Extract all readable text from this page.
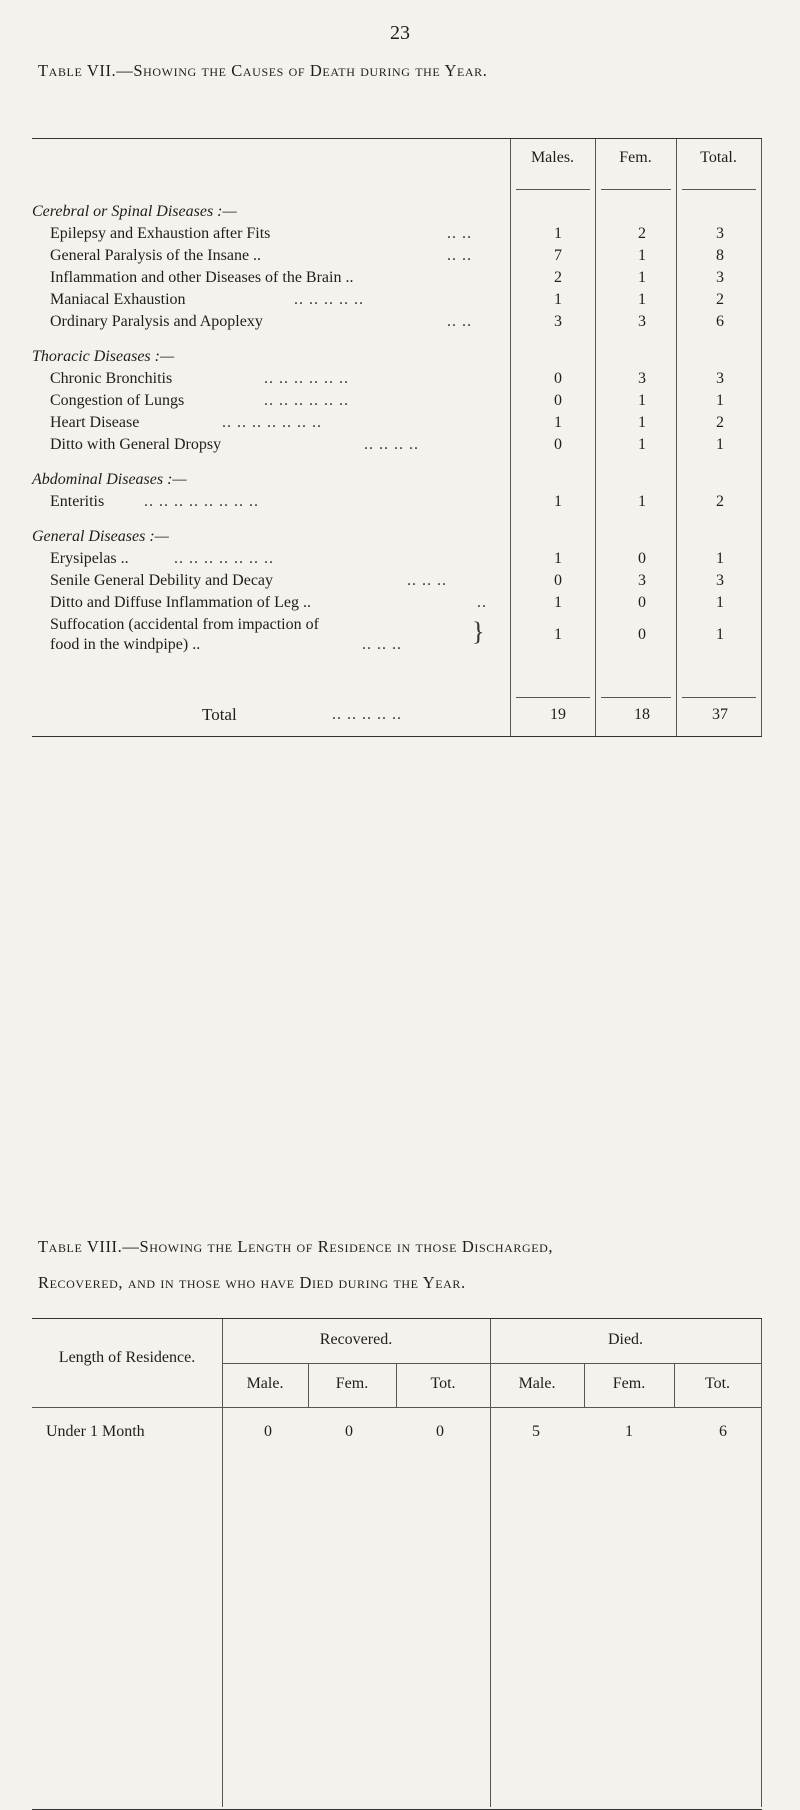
23
Table VII.—Showing the Causes of Death during the Year.
Males.	Fem.	Total.
Cerebral or Spinal Diseases :—
Epilepsy and Exhaustion after Fits	.. ..	1	2	3
General Paralysis of the Insane ..	.. ..	7	1	8
Inflammation and other Diseases of the Brain ..	2	1	3
Maniacal Exhaustion	.. .. .. .. ..	1	1	2
Ordinary Paralysis and Apoplexy	.. ..	3	3	6
Thoracic Diseases :—
Chronic Bronchitis	.. .. .. .. .. ..	0	3	3
Congestion of Lungs	.. .. .. .. .. ..	0	1	1
Heart Disease	.. .. .. .. .. .. ..	1	1	2
Ditto with General Dropsy	.. .. .. ..	0	1	1
Abdominal Diseases :—
Enteritis .. .. .. .. .. .. .. ..	1	1	2
General Diseases :—
Erysipelas ..	.. .. .. .. .. .. ..	1	0	1
Senile General Debility and Decay	.. .. ..	0	3	3
Ditto and Diffuse Inflammation of Leg ..	..	1	0	1
Suffocation (accidental from impaction of
food in the windpipe) ..	.. .. ..	}	1	0	1
Total	.. .. .. .. ..	19	18	37
Table VIII.—Showing the Length of Residence in those Discharged,
Recovered, and in those who have Died during the Year.
Length of Residence.
Recovered.	Died.
Male.	Fem.	Tot.	Male.	Fem.	Tot.
Under 1 Month	0	0	0	5	1	6
